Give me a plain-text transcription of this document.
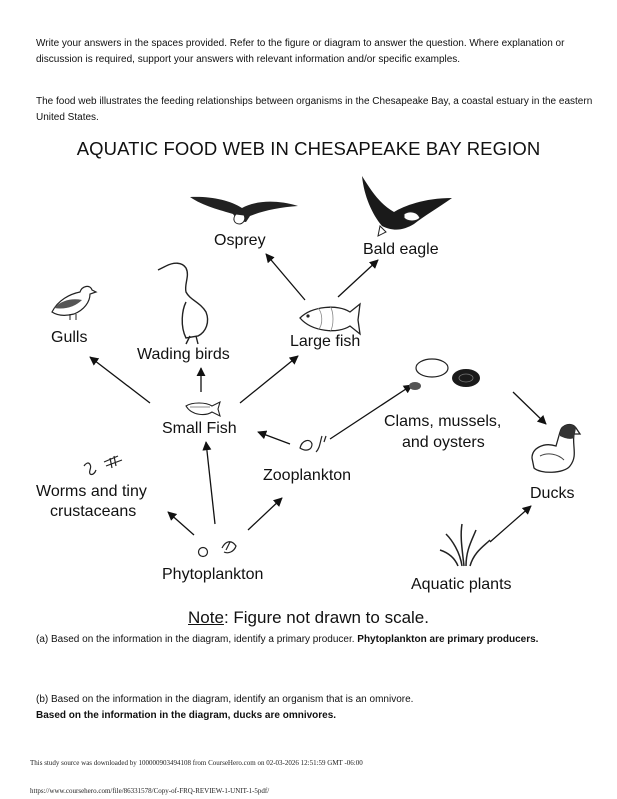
Write your answers in the spaces provided. Refer to the figure or diagram to answer the question. Where explanation or discussion is required, support your answers with relevant information and/or specific examples.
The food web illustrates the feeding relationships between organisms in the Chesapeake Bay, a coastal estuary in the eastern United States.
AQUATIC FOOD WEB IN CHESAPEAKE BAY REGION
Osprey
Bald eagle
Gulls
Wading birds
Large fish
Small Fish	Clams, mussels,
and oysters
Zooplankton
Ducks
Worms and tiny
crustaceans
Phytoplankton
Aquatic plants
Note: Figure not drawn to scale.
(a) Based on the information in the diagram, identify a primary producer. Phytoplankton are primary producers.
(b) Based on the information in the diagram, identify an organism that is an omnivore.
Based on the information in the diagram, ducks are omnivores.
This study source was downloaded by 100000903494108 from CourseHero.com on 02-03-2026 12:51:59 GMT -06:00
https://www.coursehero.com/file/86331578/Copy-of-FRQ-REVIEW-1-UNIT-1-5pdf/
